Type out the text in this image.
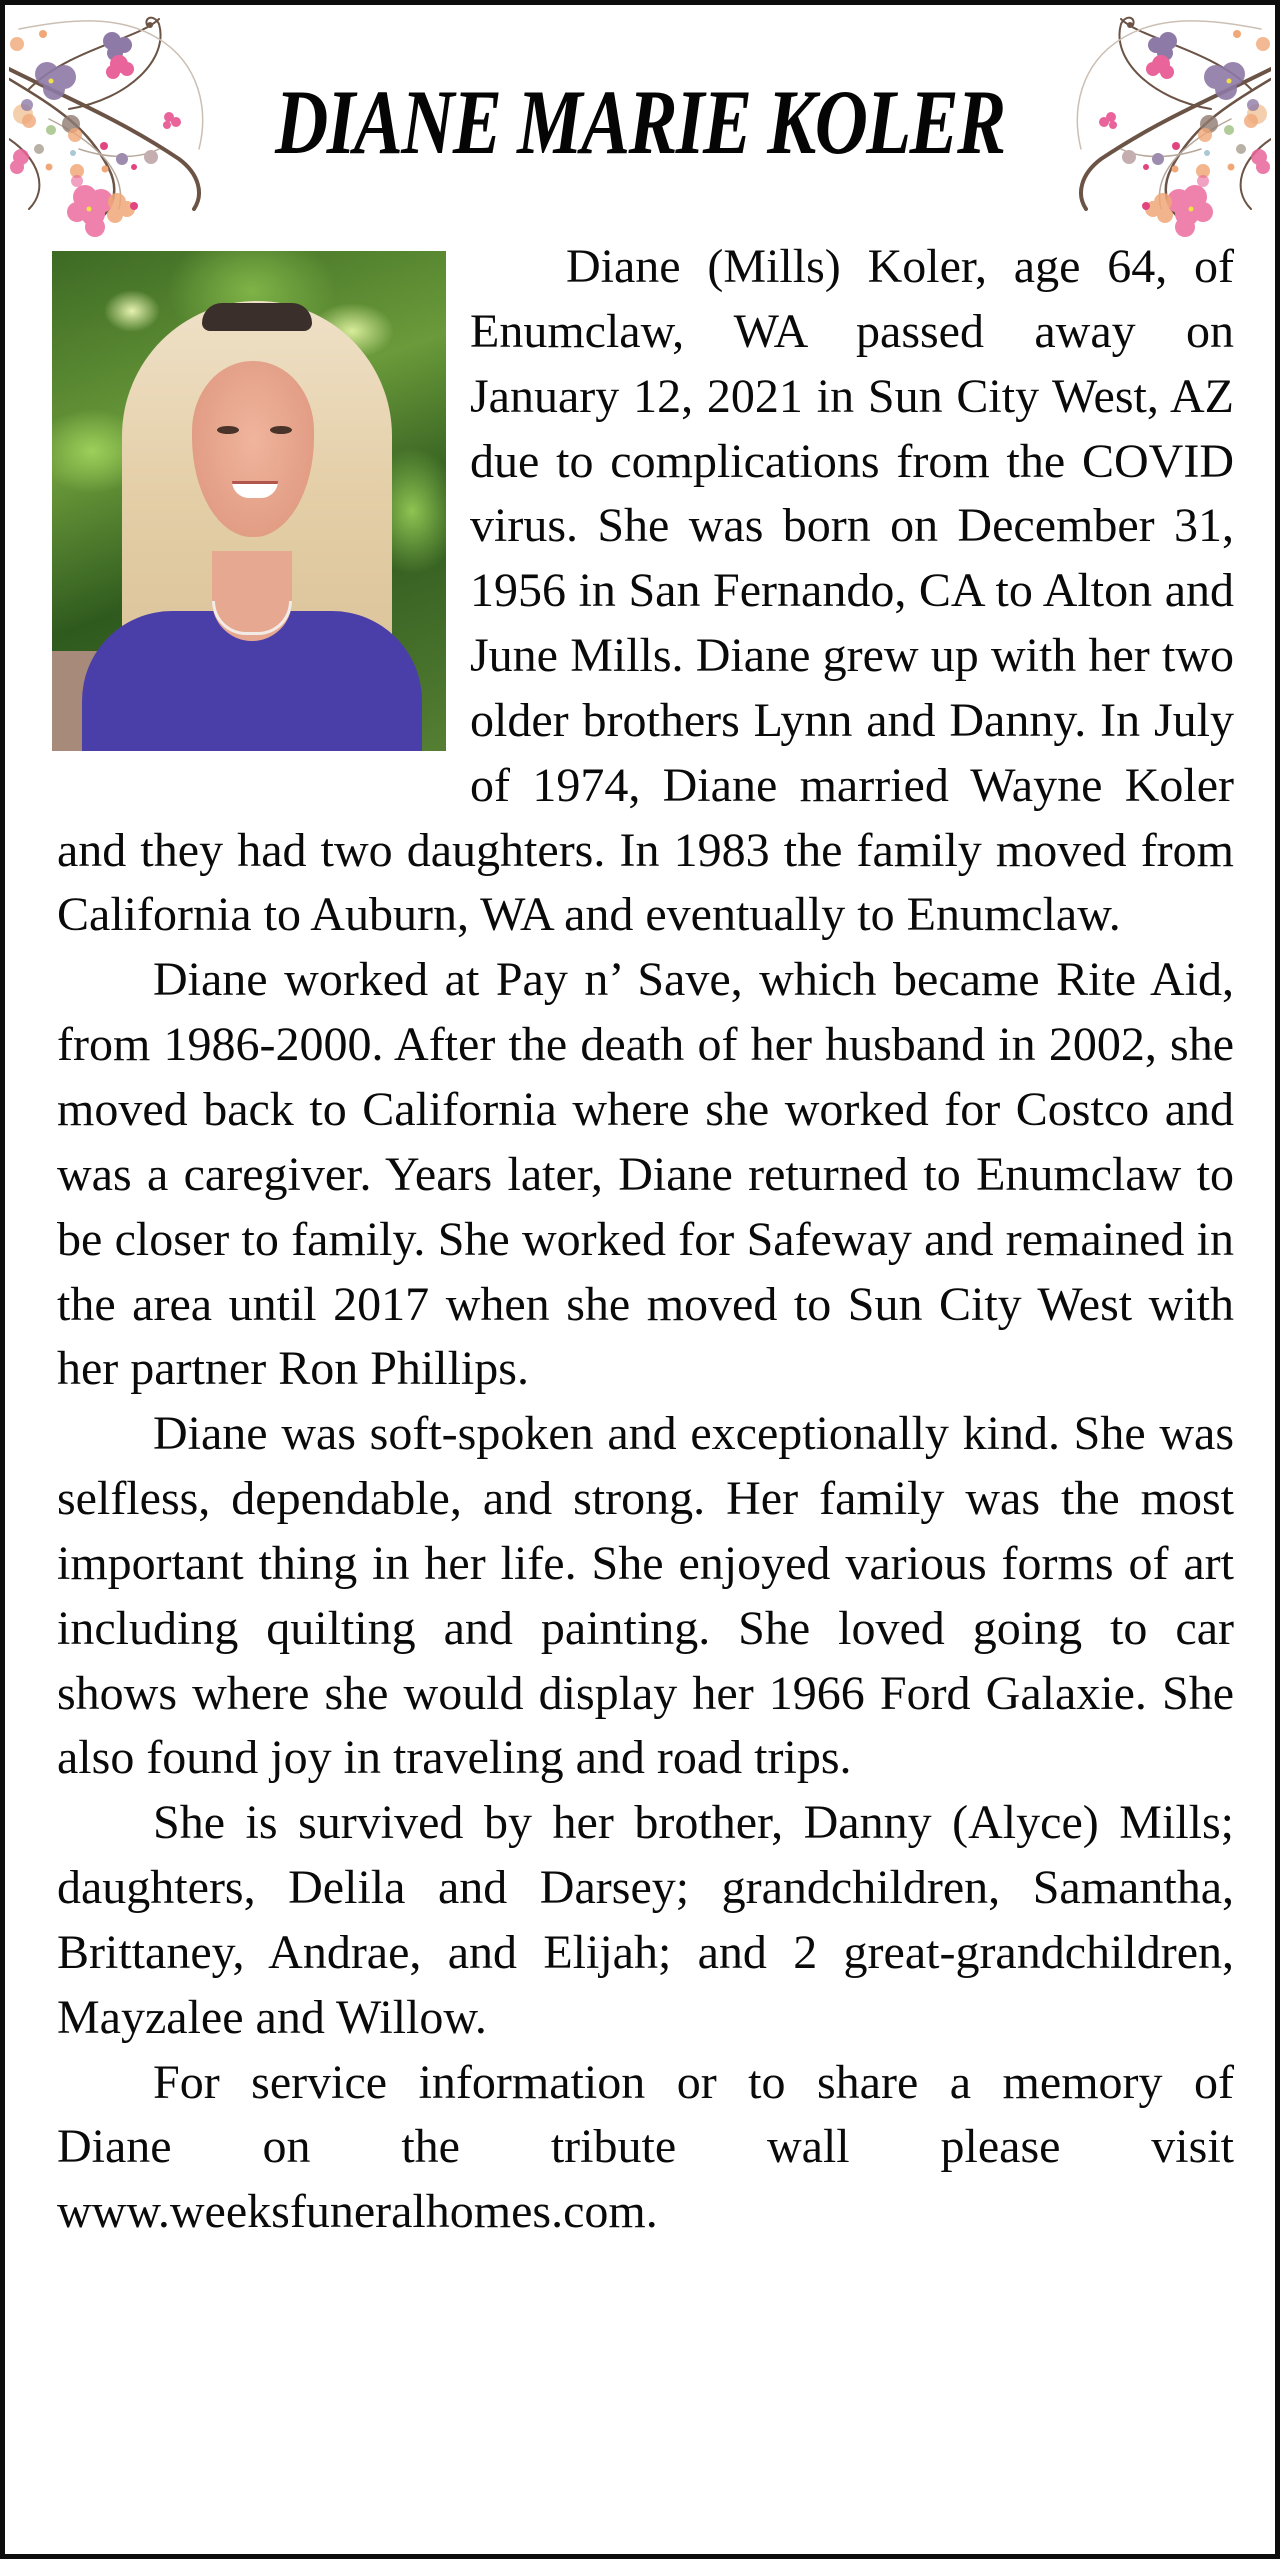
DIANE MARIE KOLER

Diane (Mills) Koler, age 64, of Enumclaw, WA passed away on January 12, 2021 in Sun City West, AZ due to complications from the COVID virus. She was born on December 31, 1956 in San Fernando, CA to Alton and June Mills. Diane grew up with her two older brothers Lynn and Danny. In July of 1974, Diane married Wayne Koler and they had two daughters. In 1983 the family moved from California to Auburn, WA and eventually to Enumclaw.

Diane worked at Pay n’ Save, which became Rite Aid, from 1986-2000. After the death of her husband in 2002, she moved back to California where she worked for Costco and was a caregiver. Years later, Diane returned to Enumclaw to be closer to family. She worked for Safeway and remained in the area until 2017 when she moved to Sun City West with her partner Ron Phillips.

Diane was soft-spoken and exceptionally kind. She was selfless, dependable, and strong. Her family was the most important thing in her life. She enjoyed various forms of art including quilting and painting. She loved going to car shows where she would display her 1966 Ford Galaxie. She also found joy in traveling and road trips.

She is survived by her brother, Danny (Alyce) Mills; daughters, Delila and Darsey; grandchildren, Samantha, Brittaney, Andrae, and Elijah; and 2 great-grandchildren, Mayzalee and Willow.

For service information or to share a memory of Diane on the tribute wall please visit www.weeksfuneralhomes.com.
